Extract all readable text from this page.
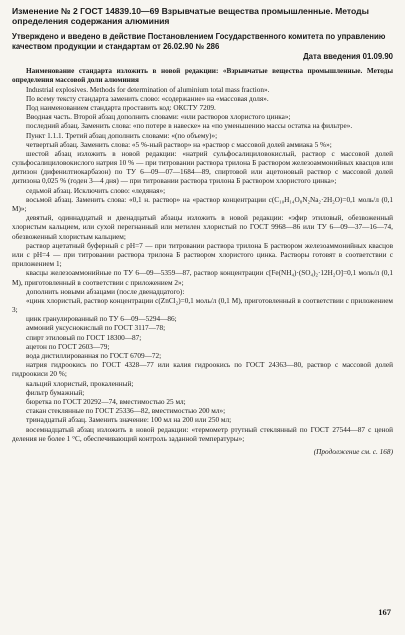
Изменение № 2 ГОСТ 14839.10—69 Взрывчатые вещества промышленные. Методы определения содержания алюминия

Утверждено и введено в действие Постановлением Государственного комитета по управлению качеством продукции и стандартам от 26.02.90 № 286

Дата введения 01.09.90

Наименование стандарта изложить в новой редакции: «Взрывчатые вещества промышленные. Методы определения массовой доли алюминия

Industrial explosives. Methods for determination of aluminium total mass fraction».

По всему тексту стандарта заменить слово: «содержание» на «массовая доля».

Под наименованием стандарта проставить код: ОКСТУ 7209.

Вводная часть. Второй абзац дополнить словами: «или растворов хлористого цинка»;

последний абзац. Заменить слова: «по потере в навеске» на «по уменьшению массы остатка на фильтре».

Пункт 1.1.1. Третий абзац дополнить словами: «(по объему)»;

четвертый абзац. Заменить слова: «5 %-ный раствор» на «раствор с массовой долей аммиака 5 %»;

шестой абзац изложить в новой редакции: «натрий сульфосалициловокислый, раствор с массовой долей сульфосалициловокислого натрия 10 % — при титровании раствора трилона Б раствором железоаммонийных квасцов или дитизон (дифенилтиокарбазон) по ТУ 6—09—07—1684—89, спиртовой или ацетоновый раствор с массовой долей дитизона 0,025 % (годен 3—4 дня) — при титровании раствора трилона Б раствором хлористого цинка»;

седьмой абзац. Исключить слово: «ледяная»;

восьмой абзац. Заменить слова: «0,1 н. раствор» на «раствор концентрации c(C₁₀H₁₄O₈N₂Na₂·2H₂O)=0,1 моль/л (0,1 M)»;

девятый, одиннадцатый и двенадцатый абзацы изложить в новой редакции: «эфир этиловый, обезвоженный хлористым кальцием, или сухой перегнанный или метилен хлористый по ГОСТ 9968—86 или ТУ 6—09—37—16—74, обезвоженный хлористым кальцием;

раствор ацетатный буферный с pH=7 — при титровании раствора трилона Б раствором железоаммонийных квасцов или с pH=4 — при титровании раствора трилона Б раствором хлористого цинка. Растворы готовят в соответствии с приложением 1;

квасцы железоаммонийные по ТУ 6—09—5359—87, раствор концентрации c[Fe(NH₄)·(SO₄)₂·12H₂O]=0,1 моль/л (0,1 M), приготовленный в соответствии с приложением 2»;

дополнить новыми абзацами (после двенадцатого):

«цинк хлористый, раствор концентрации c(ZnCl₂)=0,1 моль/л (0,1 M), приготовленный в соответствии с приложением 3;

цинк гранулированный по ТУ 6—09—5294—86;

аммоний уксуснокислый по ГОСТ 3117—78;

спирт этиловый по ГОСТ 18300—87;

ацетон по ГОСТ 2603—79;

вода дистиллированная по ГОСТ 6709—72;

натрия гидроокись по ГОСТ 4328—77 или калия гидроокись по ГОСТ 24363—80, раствор с массовой долей гидроокиси 20 %;

кальций хлористый, прокаленный;

фильтр бумажный;

бюретка по ГОСТ 20292—74, вместимостью 25 мл;

стакан стеклянные по ГОСТ 25336—82, вместимостью 200 мл»;

тринадцатый абзац. Заменить значение: 100 мл на 200 или 250 мл;

восемнадцатый абзац изложить в новой редакции: «термометр ртутный стеклянный по ГОСТ 27544—87 с ценой деления не более 1 °С, обеспечивающий контроль заданной температуры»;

(Продолжение см. с. 168)

167
